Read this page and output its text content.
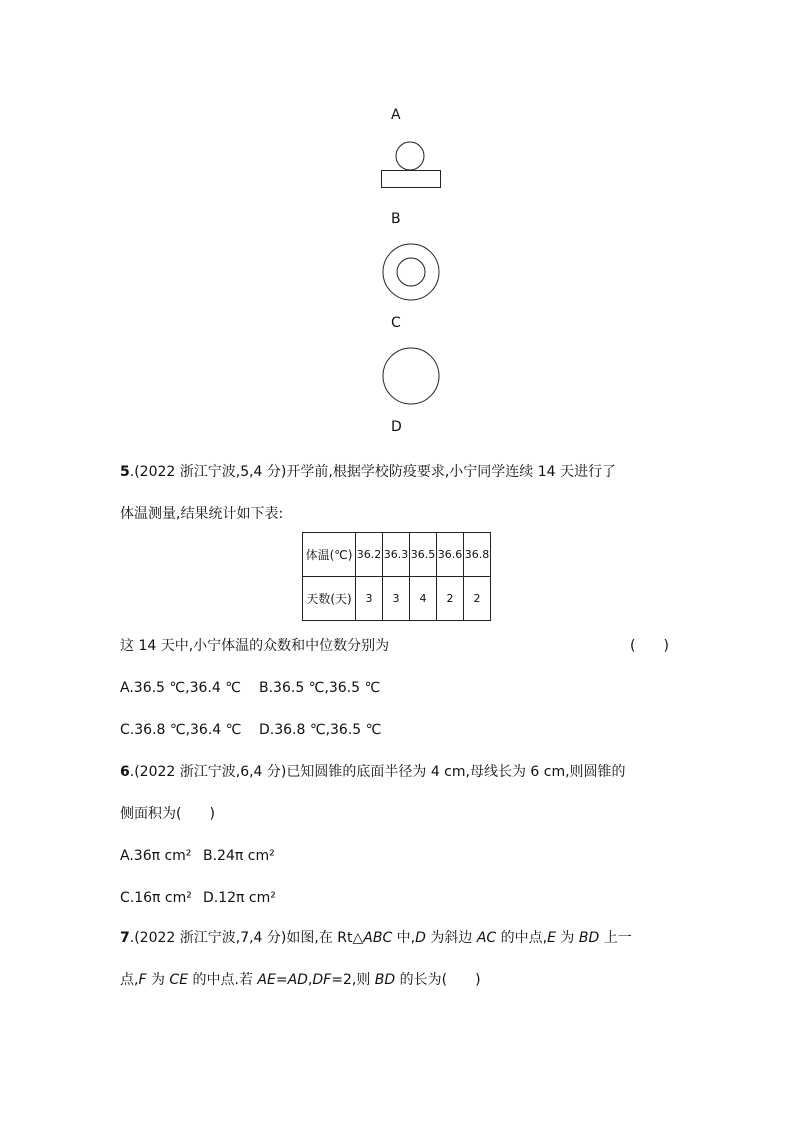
A
B
C
D
5.(2022 浙江宁波,5,4 分)开学前,根据学校防疫要求,小宁同学连续 14 天进行了
体温测量,结果统计如下表:
体温(℃)	36.2	36.3	36.5	36.6	36.8
天数(天)	3	3	4	2	2
这 14 天中,小宁体温的众数和中位数分别为	(　　)
A.36.5 ℃,36.4 ℃ B.36.5 ℃,36.5 ℃
C.36.8 ℃,36.4 ℃ D.36.8 ℃,36.5 ℃
6.(2022 浙江宁波,6,4 分)已知圆锥的底面半径为 4 cm,母线长为 6 cm,则圆锥的
侧面积为(　　)
A.36π cm² B.24π cm²
C.16π cm² D.12π cm²
7.(2022 浙江宁波,7,4 分)如图,在 Rt△ABC 中,D 为斜边 AC 的中点,E 为 BD 上一
点,F 为 CE 的中点.若 AE=AD,DF=2,则 BD 的长为(　　)
